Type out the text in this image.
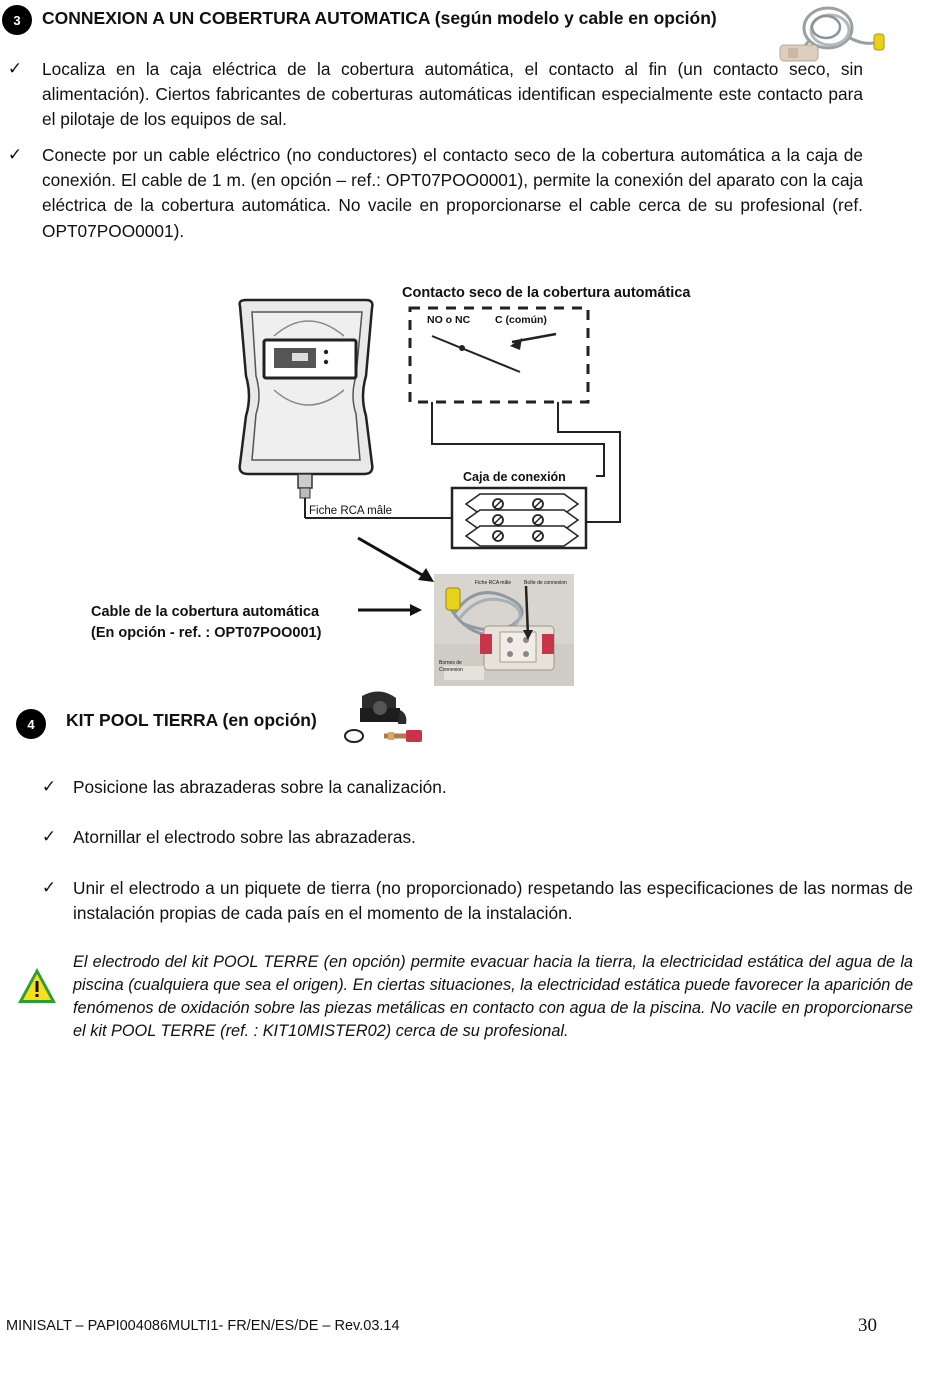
3	CONNEXION A UN COBERTURA AUTOMATICA (según modelo y cable en opción)
✓ Localiza en la caja eléctrica de la cobertura automática, el contacto al fin (un contacto seco, sin alimentación). Ciertos fabricantes de coberturas automáticas identifican especialmente este contacto para el pilotaje de los equipos de sal.
✓ Conecte por un cable eléctrico (no conductores) el contacto seco de la cobertura automática a la caja de conexión. El cable de 1 m. (en opción – ref.: OPT07POO0001), permite la conexión del aparato con la caja eléctrica de la cobertura automática. No vacile en proporcionarse el cable cerca de su profesional (ref. OPT07POO0001).
Contacto seco de la cobertura automática
NO o NC C (común)
Caja de conexión
Fiche RCA mâle
Cable de la cobertura automática
(En opción - ref. : OPT07POO001)
Fiche RCA mâle	Boîte de connexion
Bornes de Connexion
4	KIT POOL TIERRA (en opción)
✓ Posicione las abrazaderas sobre la canalización.
✓ Atornillar el electrodo sobre las abrazaderas.
✓ Unir el electrodo a un piquete de tierra (no proporcionado) respetando las especificaciones de las normas de instalación propias de cada país en el momento de la instalación.
El electrodo del kit POOL TERRE (en opción) permite evacuar hacia la tierra, la electricidad estática del agua de la piscina (cualquiera que sea el origen). En ciertas situaciones, la electricidad estática puede favorecer la aparición de fenómenos de oxidación sobre las piezas metálicas en contacto con agua de la piscina. No vacile en proporcionarse el kit POOL TERRE (ref. : KIT10MISTER02) cerca de su profesional.
MINISALT – PAPI004086MULTI1- FR/EN/ES/DE – Rev.03.14	30
